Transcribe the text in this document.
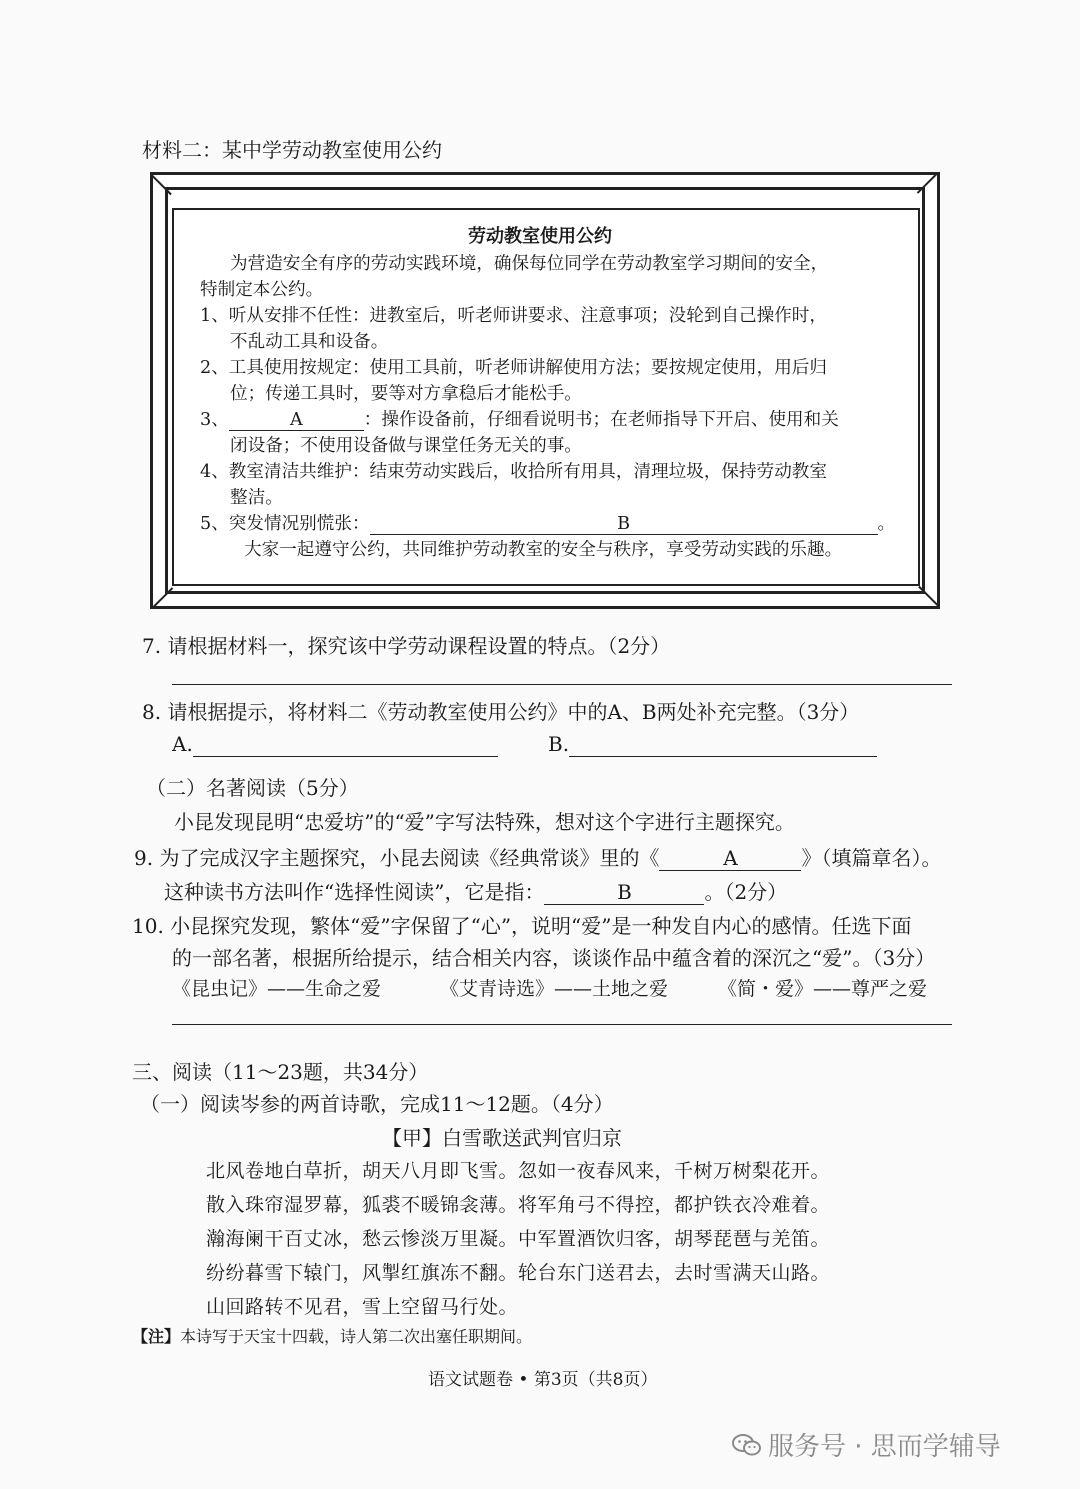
材料二：某中学劳动教室使用公约
劳动教室使用公约
为营造安全有序的劳动实践环境，确保每位同学在劳动教室学习期间的安全，
特制定本公约。
1、听从安排不任性：进教室后，听老师讲要求、注意事项；没轮到自己操作时，
不乱动工具和设备。
2、工具使用按规定：使用工具前，听老师讲解使用方法；要按规定使用，用后归
位；传递工具时，要等对方拿稳后才能松手。
3、	A	：操作设备前，仔细看说明书；在老师指导下开启、使用和关
闭设备；不使用设备做与课堂任务无关的事。
4、教室清洁共维护：结束劳动实践后，收拾所有用具，清理垃圾，保持劳动教室
整洁。
5、突发情况别慌张：	B	。
大家一起遵守公约，共同维护劳动教室的安全与秩序，享受劳动实践的乐趣。
7. 请根据材料一，探究该中学劳动课程设置的特点。（2分）
8. 请根据提示，将材料二《劳动教室使用公约》中的A、B两处补充完整。（3分）
A.	B.
（二）名著阅读（5分）
小昆发现昆明“忠爱坊”的“爱”字写法特殊，想对这个字进行主题探究。
9. 为了完成汉字主题探究，小昆去阅读《经典常谈》里的《	A	》（填篇章名）。
这种读书方法叫作“选择性阅读”，它是指：	B	。（2分）
10. 小昆探究发现，繁体“爱”字保留了“心”，说明“爱”是一种发自内心的感情。任选下面
的一部名著，根据所给提示，结合相关内容，谈谈作品中蕴含着的深沉之“爱”。（3分）
《昆虫记》——生命之爱	《艾青诗选》——土地之爱	《简・爱》——尊严之爱
三、阅读（11～23题，共34分）
（一）阅读岑参的两首诗歌，完成11～12题。（4分）
【甲】白雪歌送武判官归京
北风卷地白草折，胡天八月即飞雪。忽如一夜春风来，千树万树梨花开。
散入珠帘湿罗幕，狐裘不暖锦衾薄。将军角弓不得控，都护铁衣冷难着。
瀚海阑干百丈冰，愁云惨淡万里凝。中军置酒饮归客，胡琴琵琶与羌笛。
纷纷暮雪下辕门，风掣红旗冻不翻。轮台东门送君去，去时雪满天山路。
山回路转不见君，雪上空留马行处。
【注】本诗写于天宝十四载，诗人第二次出塞任职期间。
语文试题卷 • 第3页（共8页）
服务号 · 思而学辅导
